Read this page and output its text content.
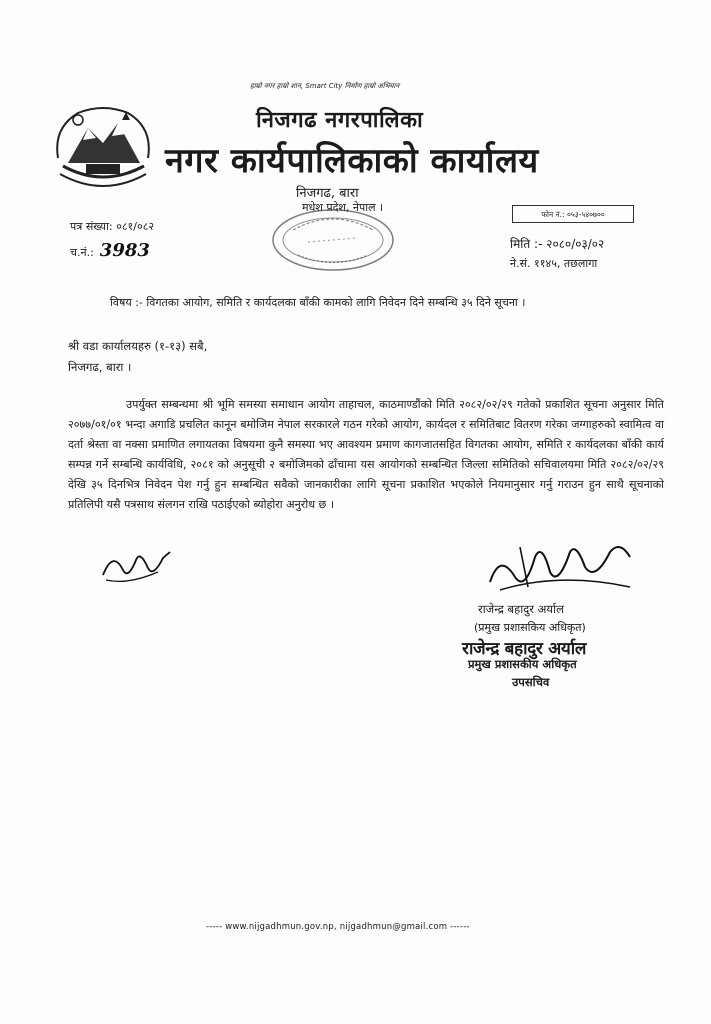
हाम्रो नगर हाम्रो शान, Smart City निर्माण हाम्रो अभियान
निजगढ नगरपालिका
नगर कार्यपालिकाको कार्यालय
निजगढ, बारा
मधेश प्रदेश, नेपाल ।
पत्र संख्या: ०८१/०८२
च.नं.: 3983
फोन नं.: ०५३-५४०७००
मिति :- २०८०/०३/०२
ने.सं. ११४५, तछलागा
विषय :- विगतका आयोग, समिति र कार्यदलका बाँकी कामको लागि निवेदन दिने सम्बन्धि ३५ दिने सूचना ।
श्री वडा कार्यालयहरु (१-१३) सबै,
निजगढ, बारा ।
उपर्युक्त सम्बन्धमा श्री भूमि समस्या समाधान आयोग ताहाचल, काठमाण्डौंको मिति २०८२/०२/२९ गतेको प्रकाशित सूचना अनुसार मिति २०७७/०१/०१ भन्दा अगाडि प्रचलित कानून बमोजिम नेपाल सरकारले गठन गरेको आयोग, कार्यदल र समितिबाट वितरण गरेका जग्गाहरुको स्वामित्व वा दर्ता श्रेस्ता वा नक्सा प्रमाणित लगायतका विषयमा कुनै समस्या भए आवश्यम प्रमाण कागजातसहित विगतका आयोग, समिति र कार्यदलका बाँकी कार्य सम्पन्न गर्ने सम्बन्धि कार्यविधि, २०८१ को अनुसूची २ बमोजिमको ढाँचामा यस आयोगको सम्बन्धित जिल्ला समितिको सचिवालयमा मिति २०८२/०२/२९ देखि ३५ दिनभित्र निवेदन पेश गर्नु हुन सम्बन्धित सवैको जानकारीका लागि सूचना प्रकाशित भएकोले नियमानुसार गर्नु गराउन हुन साथै सूचनाको प्रतिलिपी यसै पत्रसाथ संलगन राखि पठाईएको ब्योहोरा अनुरोध छ ।
राजेन्द्र बहादुर अर्याल
(प्रमुख प्रशासकिय अधिकृत)
राजेन्द्र बहादुर अर्याल
प्रमुख प्रशासकीय अधिकृत
उपसचिव
----- www.nijgadhmun.gov.np, nijgadhmun@gmail.com ------
